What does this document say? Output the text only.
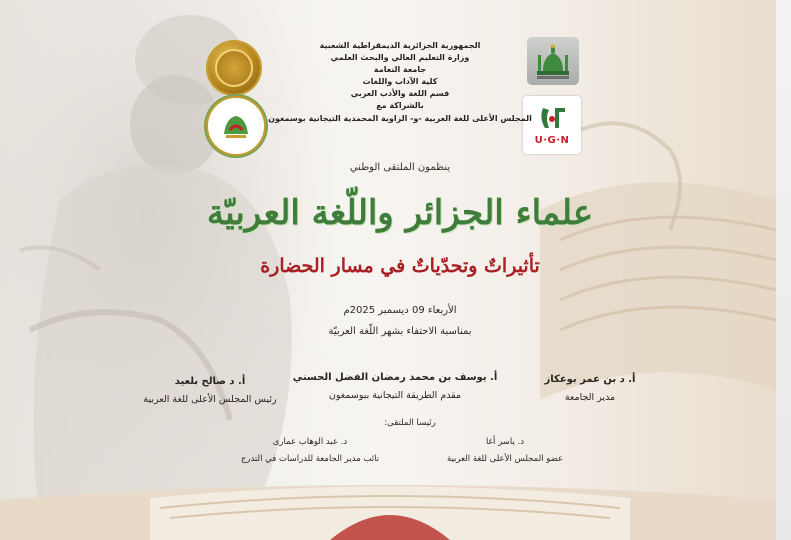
U·G·N
الجمهورية الجزائرية الديمقراطية الشعبية
وزارة التعليم العالي والبحث العلمي
جامعة النعامة
كلية الآداب واللغات
قسم اللغة والأدب العربي
بالشراكة مع
المجلس الأعلى للغة العربية -و- الزاوية المحمدية التيجانية بوسمغون
ينظمون الملتقى الوطني
علماء الجزائر واللّغة العربيّة
تأثيراتٌ وتحدّياتٌ في مسار الحضارة
الأربعاء 09 ديسمبر 2025م
بمناسبة الاحتفاء بشهر اللّغة العربيّة
أ. د بن عمر بوعكاز
مدير الجامعة
أ. يوسف بن محمد رمضان الفضل الحسني
مقدم الطريقة التيجانية ببوسمغون
أ. د صالح بلعيد
رئيس المجلس الأعلى للغة العربية
رئيسا الملتقى:
د. ياسر أغا
عضو المجلس الأعلى للغة العربية
د. عبد الوهاب عمارى
نائب مدير الجامعة للدراسات في التدرج
